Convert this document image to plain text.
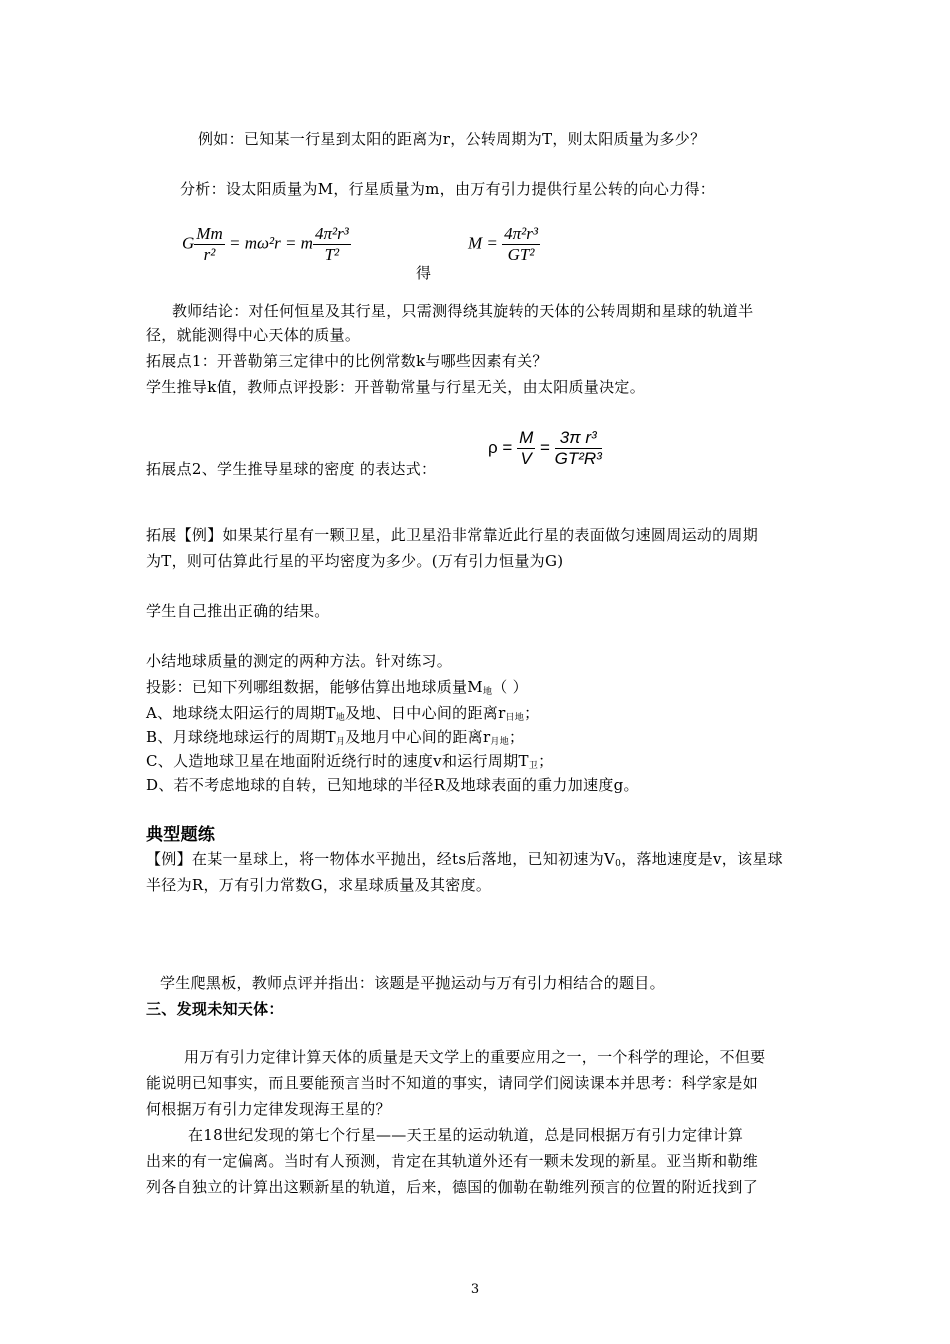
例如：已知某一行星到太阳的距离为r，公转周期为T，则太阳质量为多少？
分析：设太阳质量为M，行星质量为m，由万有引力提供行星公转的向心力得：
G $\frac{Mm}{\text{r²}} = m\omega^2r = m \frac{\text{4π²r³}}{\text{T²}}$
得
$M = \frac{\text{4π²r³}}{\text{GT²}}$
教师结论：对任何恒星及其行星，只需测得绕其旋转的天体的公转周期和星球的轨道半
径，就能测得中心天体的质量。
拓展点1：开普勒第三定律中的比例常数k与哪些因素有关？
学生推导k值，教师点评投影：开普勒常量与行星无关，由太阳质量决定。
$\rho = \frac{M}{V} = \frac{\text{3π r³}}{\text{GT²R³}}$
拓展点2、学生推导星球的密度 的表达式：
拓展【例】如果某行星有一颗卫星，此卫星沿非常靠近此行星的表面做匀速圆周运动的周期
为T，则可估算此行星的平均密度为多少。(万有引力恒量为G)
学生自己推出正确的结果。
小结地球质量的测定的两种方法。针对练习。
投影：已知下列哪组数据，能够估算出地球质量$M_地$（ ）
A、地球绕太阳运行的周期$T_地$及地、日中心间的距离$r_{日地}$；
B、月球绕地球运行的周期$T_月$及地月中心间的距离$r_{月地}$；
C、人造地球卫星在地面附近绕行时的速度v和运行周期$T_卫$；
D、若不考虑地球的自转，已知地球的半径R及地球表面的重力加速度g。
典型题练
【例】在某一星球上，将一物体水平抛出，经ts后落地，已知初速为$V_0$，落地速度是v，该星球
半径为R，万有引力常数G，求星球质量及其密度。
学生爬黑板，教师点评并指出：该题是平抛运动与万有引力相结合的题目。
三、发现未知天体：
用万有引力定律计算天体的质量是天文学上的重要应用之一，一个科学的理论，不但要
能说明已知事实，而且要能预言当时不知道的事实，请同学们阅读课本并思考：科学家是如
何根据万有引力定律发现海王星的？
在18世纪发现的第七个行星——天王星的运动轨道，总是同根据万有引力定律计算
出来的有一定偏离。当时有人预测，肯定在其轨道外还有一颗未发现的新星。亚当斯和勒维
列各自独立的计算出这颗新星的轨道，后来，德国的伽勒在勒维列预言的位置的附近找到了
3
